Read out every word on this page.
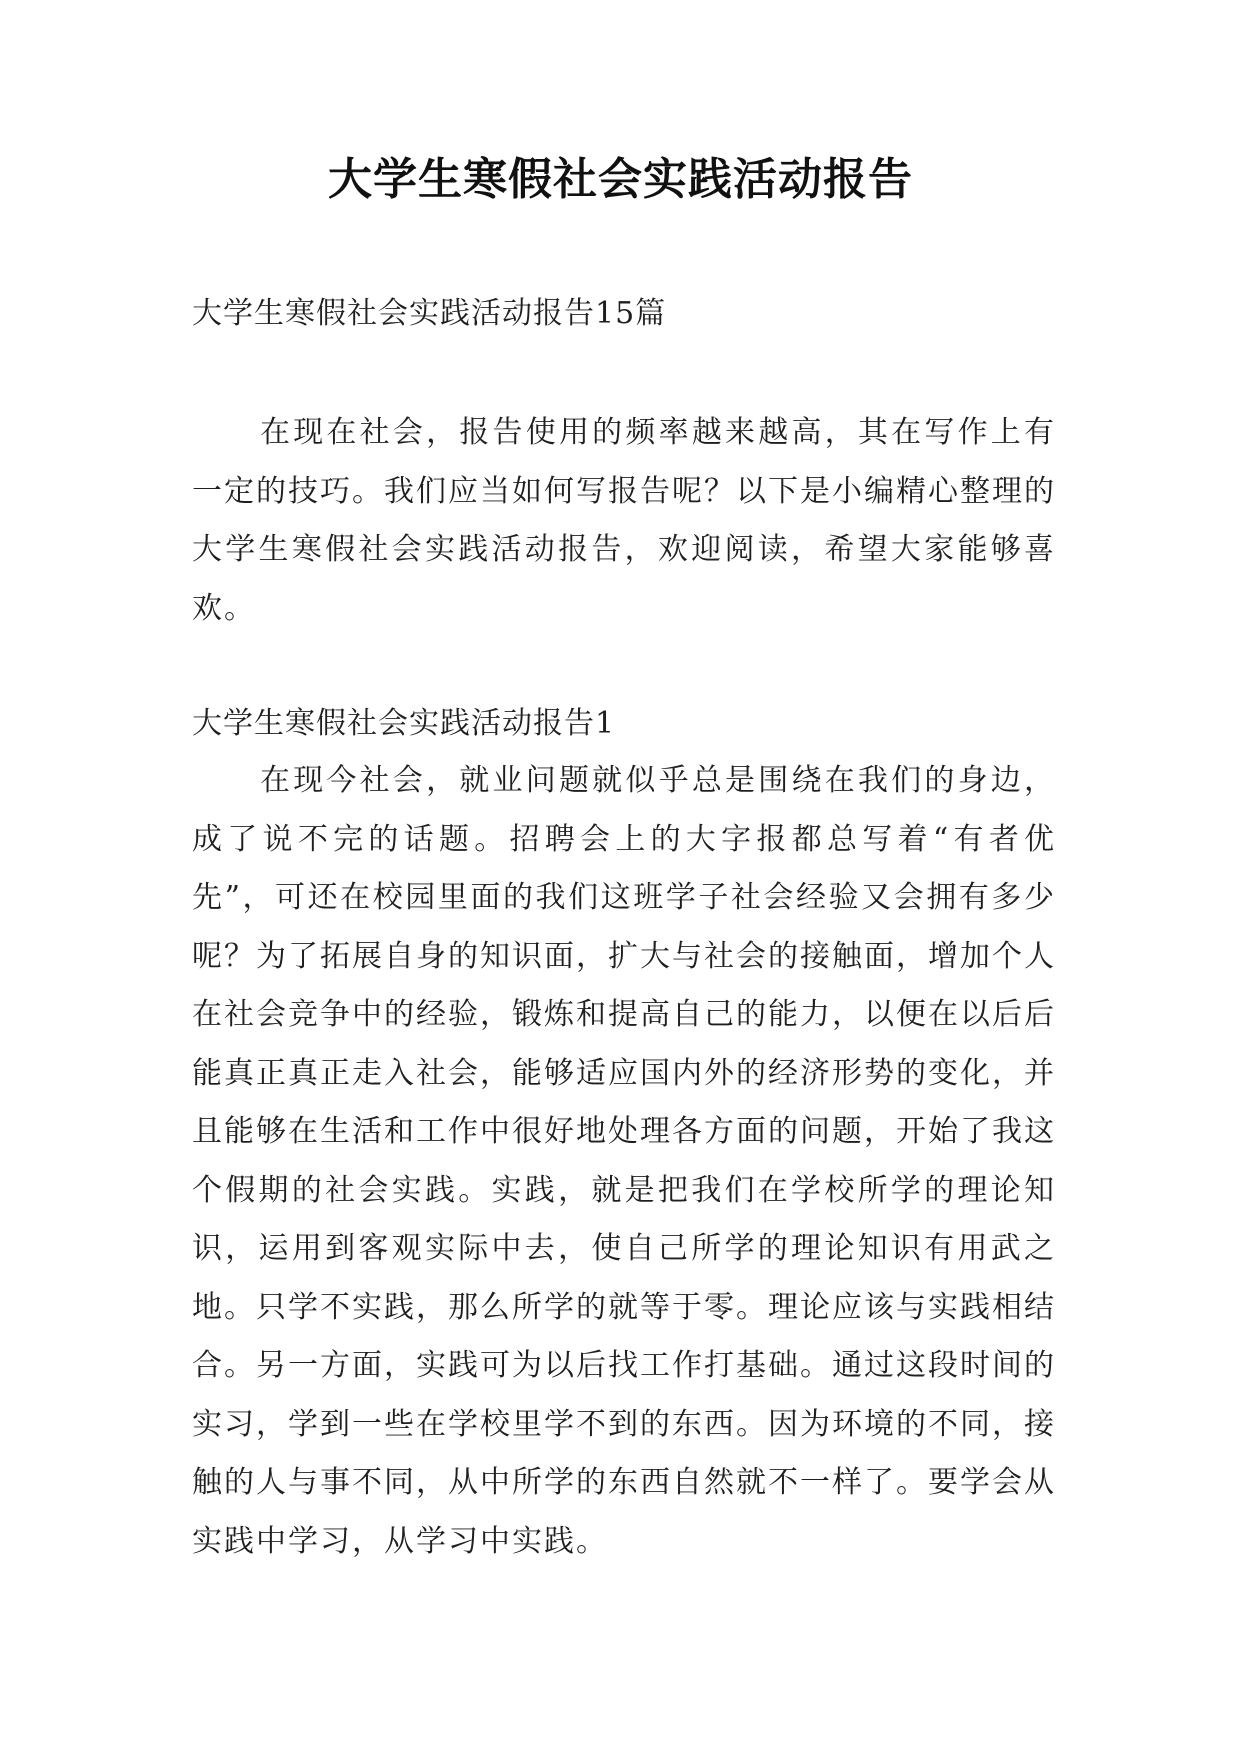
大学生寒假社会实践活动报告
大学生寒假社会实践活动报告15篇

在现在社会，报告使用的频率越来越高，其在写作上有一定的技巧。我们应当如何写报告呢？以下是小编精心整理的大学生寒假社会实践活动报告，欢迎阅读，希望大家能够喜欢。

大学生寒假社会实践活动报告1

在现今社会，就业问题就似乎总是围绕在我们的身边，成了说不完的话题。招聘会上的大字报都总写着“有者优先”，可还在校园里面的我们这班学子社会经验又会拥有多少呢？为了拓展自身的知识面，扩大与社会的接触面，增加个人在社会竞争中的经验，锻炼和提高自己的能力，以便在以后后能真正真正走入社会，能够适应国内外的经济形势的变化，并且能够在生活和工作中很好地处理各方面的问题，开始了我这个假期的社会实践。实践，就是把我们在学校所学的理论知识，运用到客观实际中去，使自己所学的理论知识有用武之地。只学不实践，那么所学的就等于零。理论应该与实践相结合。另一方面，实践可为以后找工作打基础。通过这段时间的实习，学到一些在学校里学不到的东西。因为环境的不同，接触的人与事不同，从中所学的东西自然就不一样了。要学会从实践中学习，从学习中实践。
